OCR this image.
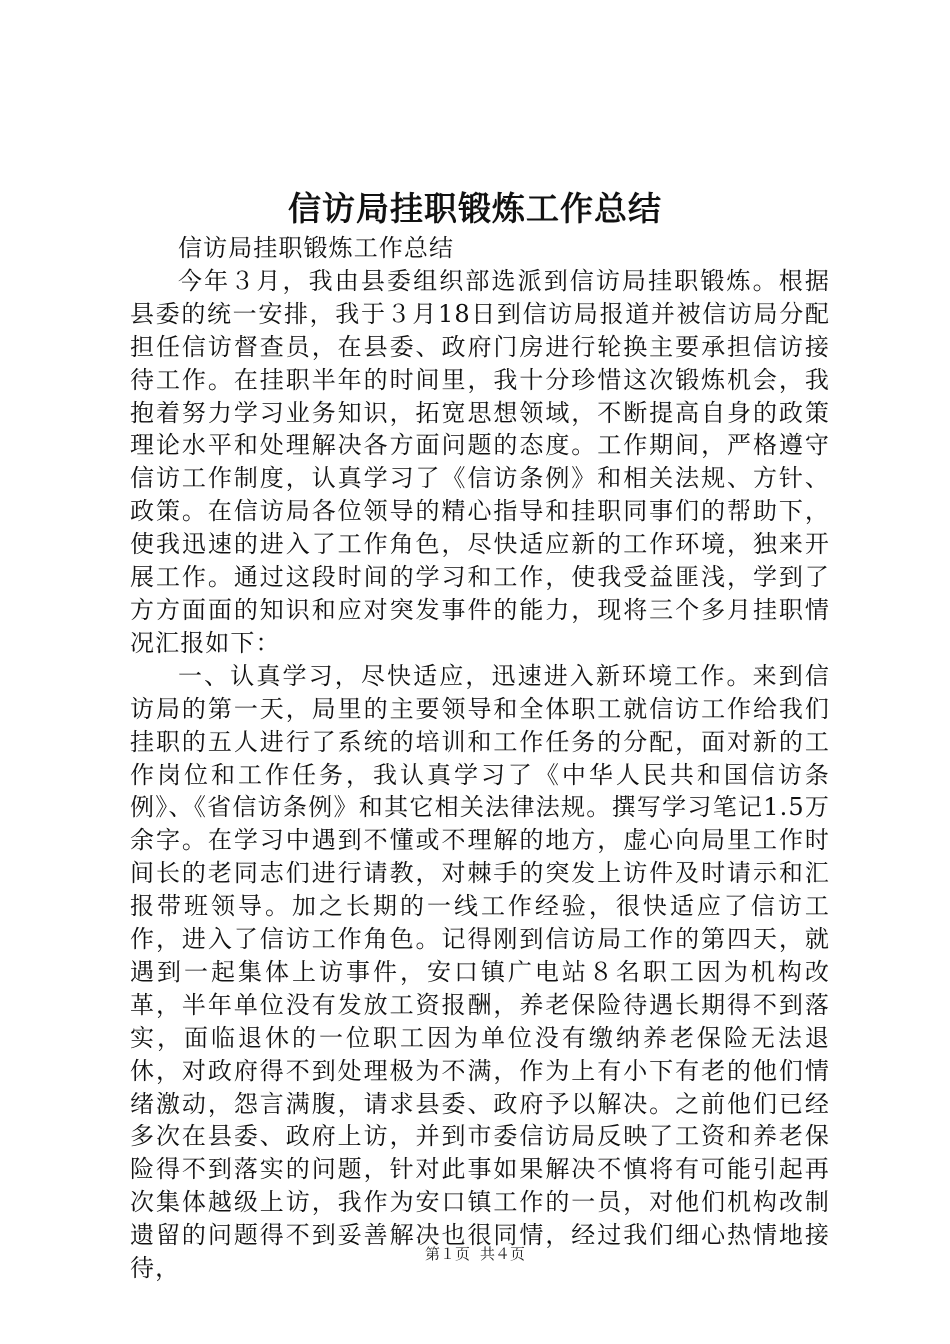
信访局挂职锻炼工作总结

信访局挂职锻炼工作总结

今年３月，我由县委组织部选派到信访局挂职锻炼。根据县委的统一安排，我于３月18日到信访局报道并被信访局分配担任信访督查员，在县委、政府门房进行轮换主要承担信访接待工作。在挂职半年的时间里，我十分珍惜这次锻炼机会，我抱着努力学习业务知识，拓宽思想领域，不断提高自身的政策理论水平和处理解决各方面问题的态度。工作期间，严格遵守信访工作制度，认真学习了《信访条例》和相关法规、方针、政策。在信访局各位领导的精心指导和挂职同事们的帮助下，使我迅速的进入了工作角色，尽快适应新的工作环境，独来开展工作。通过这段时间的学习和工作，使我受益匪浅，学到了方方面面的知识和应对突发事件的能力，现将三个多月挂职情况汇报如下：

一、认真学习，尽快适应，迅速进入新环境工作。来到信访局的第一天，局里的主要领导和全体职工就信访工作给我们挂职的五人进行了系统的培训和工作任务的分配，面对新的工作岗位和工作任务，我认真学习了《中华人民共和国信访条例》、《省信访条例》和其它相关法律法规。撰写学习笔记1.5万余字。在学习中遇到不懂或不理解的地方，虚心向局里工作时间长的老同志们进行请教，对棘手的突发上访件及时请示和汇报带班领导。加之长期的一线工作经验，很快适应了信访工作，进入了信访工作角色。记得刚到信访局工作的第四天，就遇到一起集体上访事件，安口镇广电站８名职工因为机构改革，半年单位没有发放工资报酬，养老保险待遇长期得不到落实，面临退休的一位职工因为单位没有缴纳养老保险无法退休，对政府得不到处理极为不满，作为上有小下有老的他们情绪激动，怨言满腹，请求县委、政府予以解决。之前他们已经多次在县委、政府上访，并到市委信访局反映了工资和养老保险得不到落实的问题，针对此事如果解决不慎将有可能引起再次集体越级上访，我作为安口镇工作的一员，对他们机构改制遗留的问题得不到妥善解决也很同情，经过我们细心热情地接待，

第１页 共４页
